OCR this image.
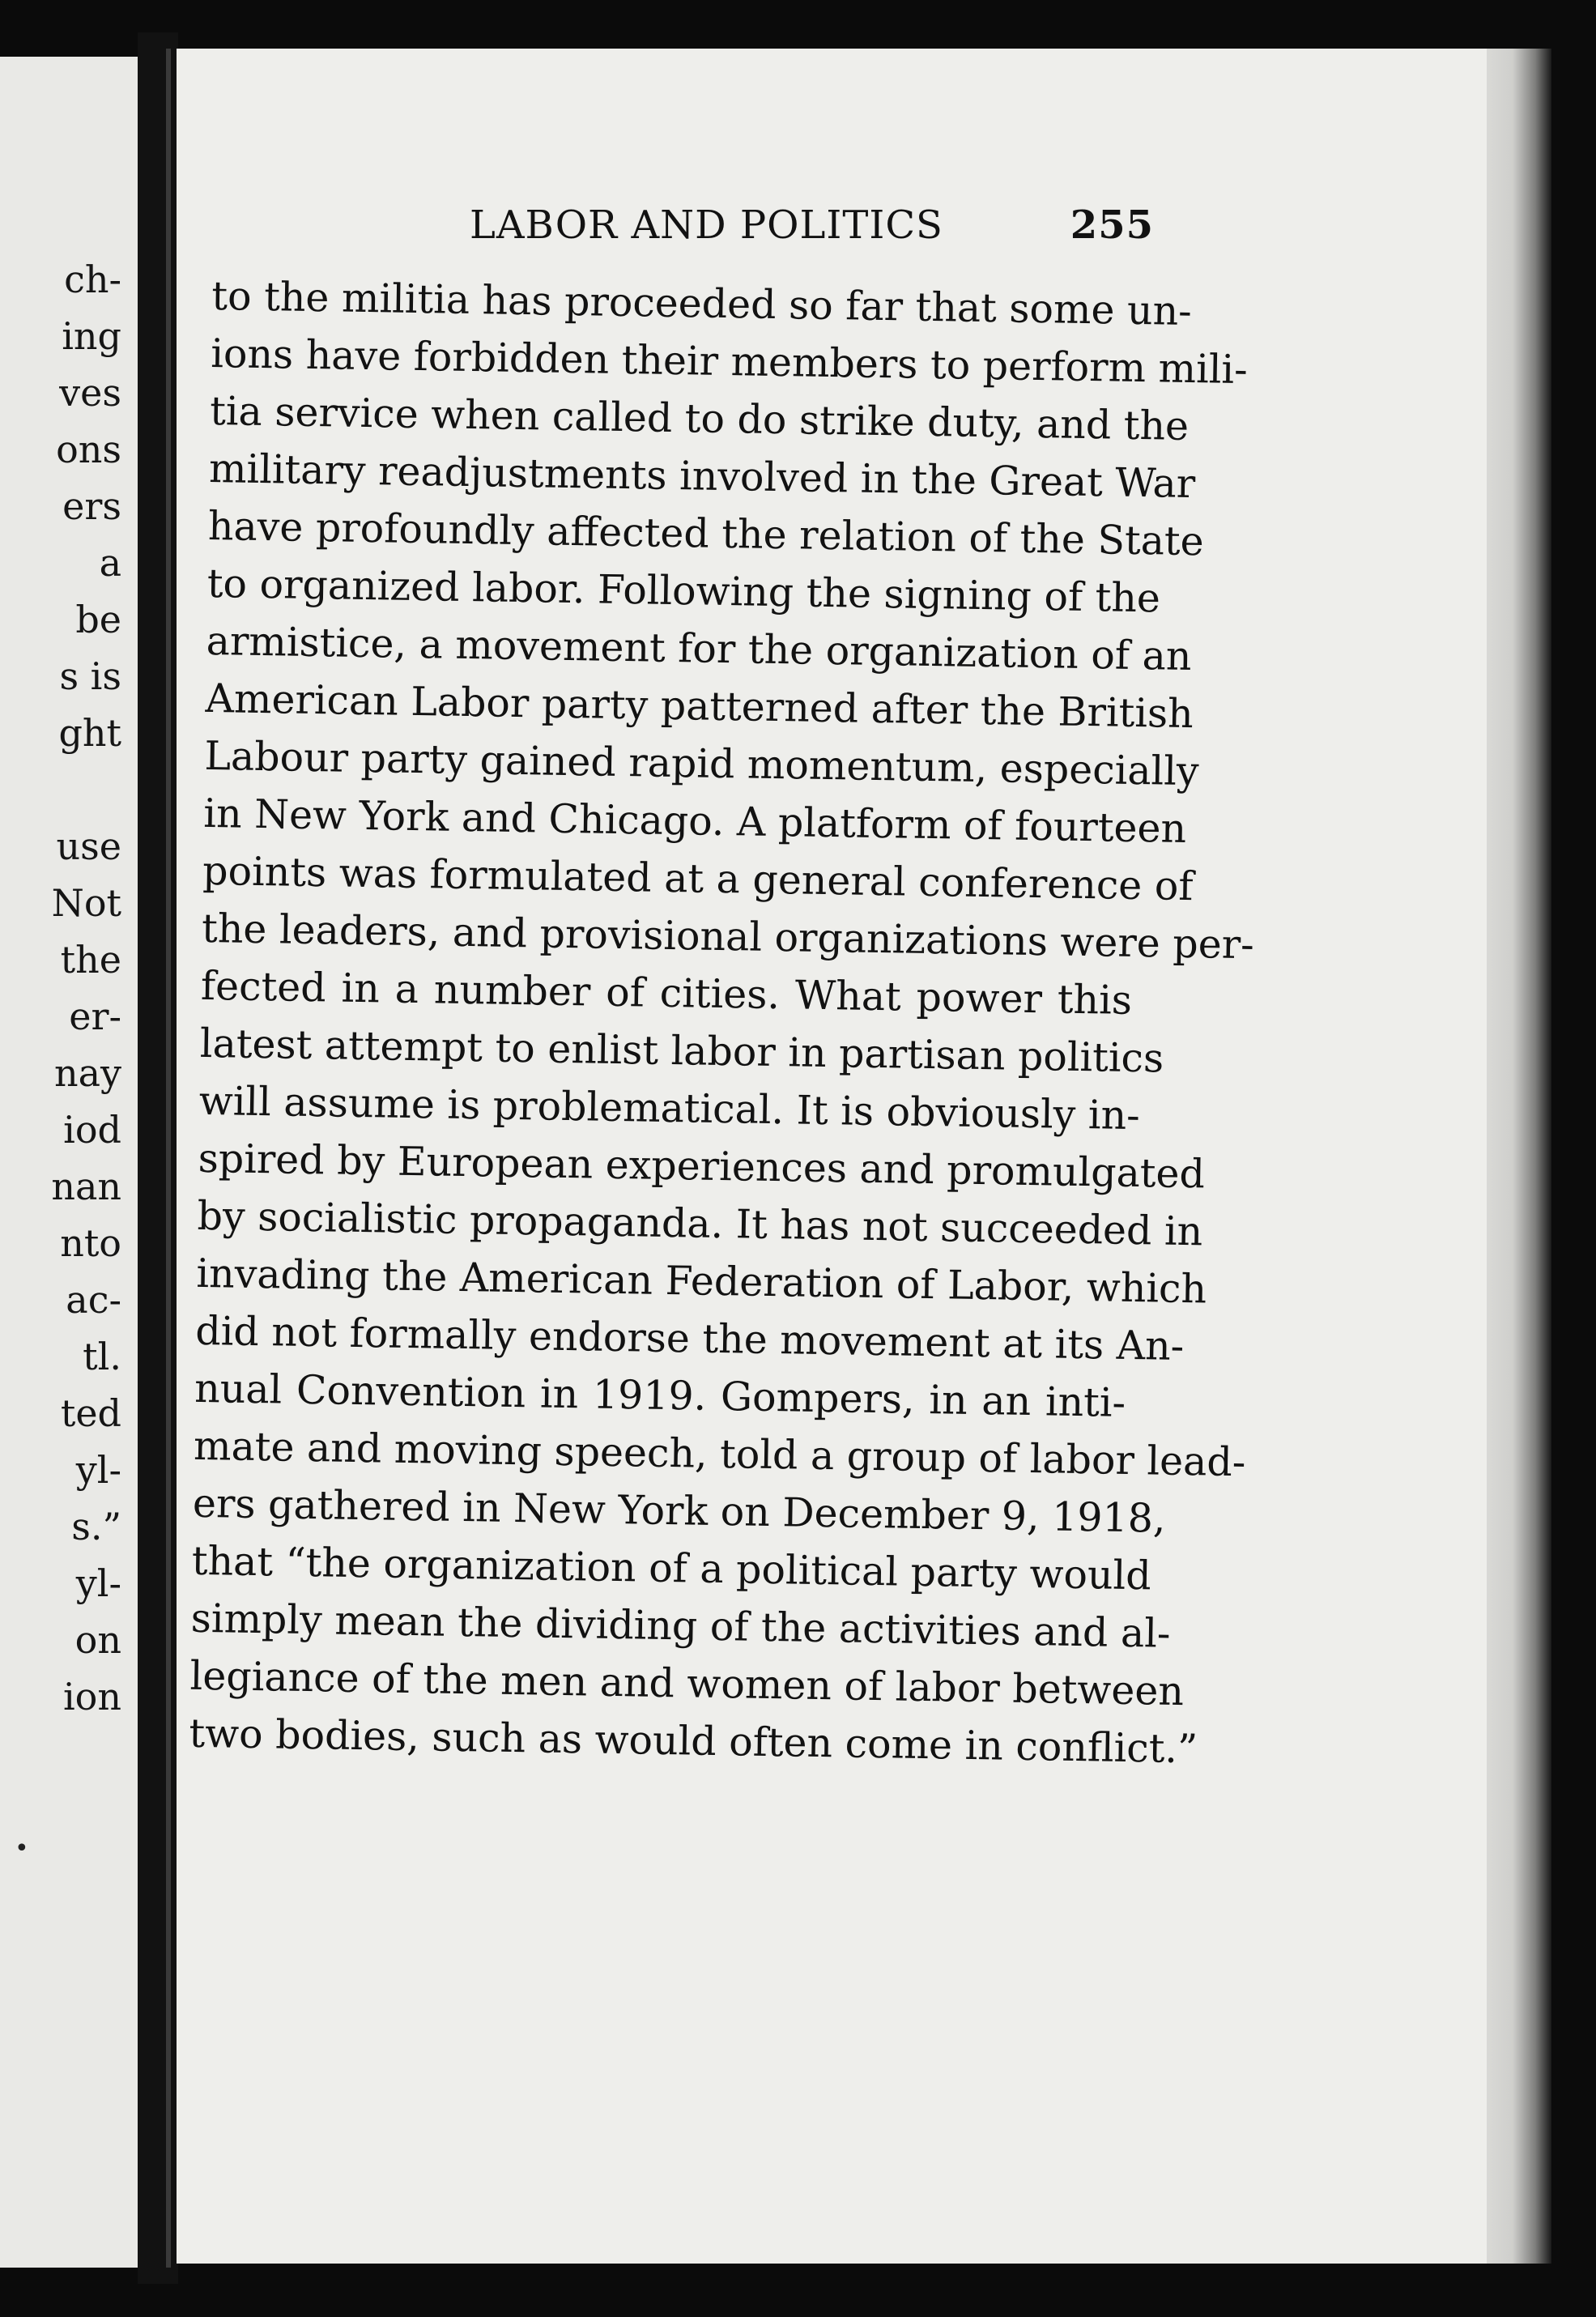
ch-
ing
ves
ons
ers
a
be
s is
ght
use
Not
the
er-
nay
iod
nan
nto
ac-
tl.
ted
yl-
s.”
yl-
on
ion
•
LABOR AND POLITICS	255
to the militia has proceeded so far that some un-
ions have forbidden their members to perform mili-
tia service when called to do strike duty, and the
military readjustments involved in the Great War
have profoundly affected the relation of the State
to organized labor. Following the signing of the
armistice, a movement for the organization of an
American Labor party patterned after the British
Labour party gained rapid momentum, especially
in New York and Chicago. A platform of fourteen
points was formulated at a general conference of
the leaders, and provisional organizations were per-
fected in a number of cities. What power this
latest attempt to enlist labor in partisan politics
will assume is problematical. It is obviously in-
spired by European experiences and promulgated
by socialistic propaganda. It has not succeeded in
invading the American Federation of Labor, which
did not formally endorse the movement at its An-
nual Convention in 1919. Gompers, in an inti-
mate and moving speech, told a group of labor lead-
ers gathered in New York on December 9, 1918,
that “the organization of a political party would
simply mean the dividing of the activities and al-
legiance of the men and women of labor between
two bodies, such as would often come in conflict.”
